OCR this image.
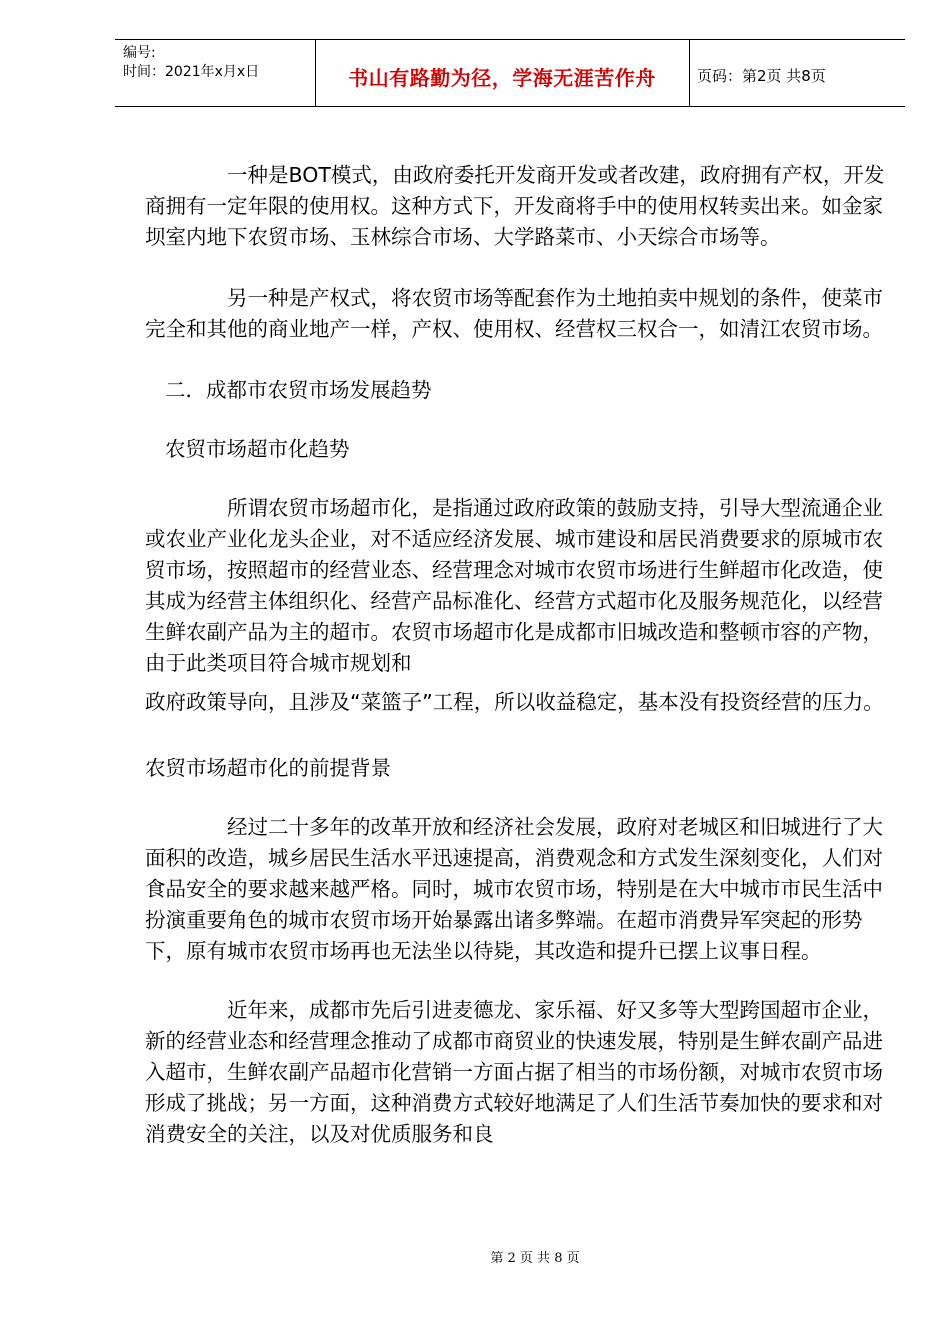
编号:
时间：2021年x月x日	书山有路勤为径，学海无涯苦作舟	页码：第2页 共8页

一种是BOT模式，由政府委托开发商开发或者改建，政府拥有产权，开发商拥有一定年限的使用权。这种方式下，开发商将手中的使用权转卖出来。如金家坝室内地下农贸市场、玉林综合市场、大学路菜市、小天综合市场等。

另一种是产权式，将农贸市场等配套作为土地拍卖中规划的条件，使菜市完全和其他的商业地产一样，产权、使用权、经营权三权合一，如清江农贸市场。

二．成都市农贸市场发展趋势

农贸市场超市化趋势

所谓农贸市场超市化，是指通过政府政策的鼓励支持，引导大型流通企业或农业产业化龙头企业，对不适应经济发展、城市建设和居民消费要求的原城市农贸市场，按照超市的经营业态、经营理念对城市农贸市场进行生鲜超市化改造，使其成为经营主体组织化、经营产品标准化、经营方式超市化及服务规范化，以经营生鲜农副产品为主的超市。农贸市场超市化是成都市旧城改造和整顿市容的产物，由于此类项目符合城市规划和

政府政策导向，且涉及“菜篮子”工程，所以收益稳定，基本没有投资经营的压力。

农贸市场超市化的前提背景

经过二十多年的改革开放和经济社会发展，政府对老城区和旧城进行了大面积的改造，城乡居民生活水平迅速提高，消费观念和方式发生深刻变化，人们对食品安全的要求越来越严格。同时，城市农贸市场，特别是在大中城市市民生活中扮演重要角色的城市农贸市场开始暴露出诸多弊端。在超市消费异军突起的形势下，原有城市农贸市场再也无法坐以待毙，其改造和提升已摆上议事日程。

近年来，成都市先后引进麦德龙、家乐福、好又多等大型跨国超市企业，新的经营业态和经营理念推动了成都市商贸业的快速发展，特别是生鲜农副产品进入超市，生鲜农副产品超市化营销一方面占据了相当的市场份额，对城市农贸市场形成了挑战；另一方面，这种消费方式较好地满足了人们生活节奏加快的要求和对消费安全的关注，以及对优质服务和良

第 2 页 共 8 页
